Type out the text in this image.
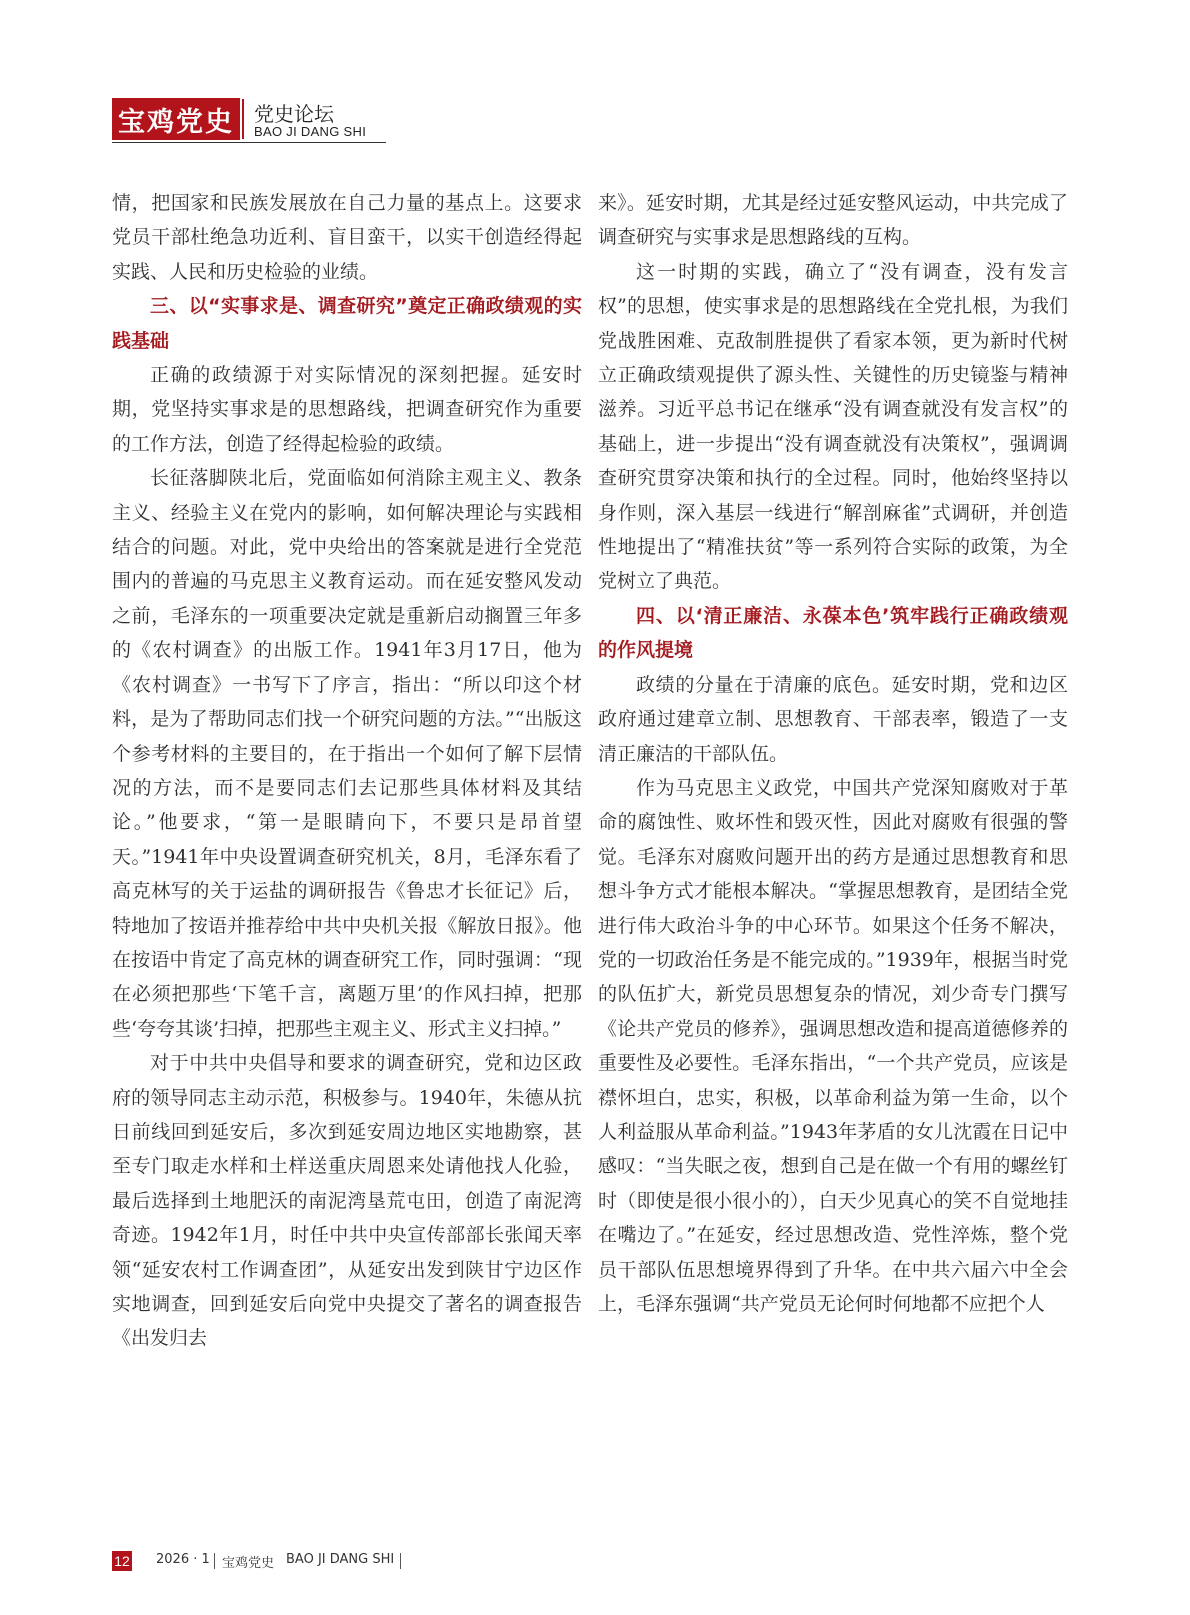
宝鸡党史	党史论坛
BAO JI DANG SHI

情，把国家和民族发展放在自己力量的基点上。这要求党员干部杜绝急功近利、盲目蛮干，以实干创造经得起实践、人民和历史检验的业绩。

三、以“实事求是、调查研究”奠定正确政绩观的实践基础

正确的政绩源于对实际情况的深刻把握。延安时期，党坚持实事求是的思想路线，把调查研究作为重要的工作方法，创造了经得起检验的政绩。

长征落脚陕北后，党面临如何消除主观主义、教条主义、经验主义在党内的影响，如何解决理论与实践相结合的问题。对此，党中央给出的答案就是进行全党范围内的普遍的马克思主义教育运动。而在延安整风发动之前，毛泽东的一项重要决定就是重新启动搁置三年多的《农村调查》的出版工作。1941年3月17日，他为《农村调查》一书写下了序言，指出：“所以印这个材料，是为了帮助同志们找一个研究问题的方法。”“出版这个参考材料的主要目的，在于指出一个如何了解下层情况的方法，而不是要同志们去记那些具体材料及其结论。”他要求，“第一是眼睛向下，不要只是昂首望天。”1941年中央设置调查研究机关，8月，毛泽东看了高克林写的关于运盐的调研报告《鲁忠才长征记》后，特地加了按语并推荐给中共中央机关报《解放日报》。他在按语中肯定了高克林的调查研究工作，同时强调：“现在必须把那些‘下笔千言，离题万里’的作风扫掉，把那些‘夸夸其谈’扫掉，把那些主观主义、形式主义扫掉。”

对于中共中央倡导和要求的调查研究，党和边区政府的领导同志主动示范，积极参与。1940年，朱德从抗日前线回到延安后，多次到延安周边地区实地勘察，甚至专门取走水样和土样送重庆周恩来处请他找人化验，最后选择到土地肥沃的南泥湾垦荒屯田，创造了南泥湾奇迹。1942年1月，时任中共中央宣传部部长张闻天率领“延安农村工作调查团”，从延安出发到陕甘宁边区作实地调查，回到延安后向党中央提交了著名的调查报告《出发归去

来》。延安时期，尤其是经过延安整风运动，中共完成了调查研究与实事求是思想路线的互构。

这一时期的实践，确立了“没有调查，没有发言权”的思想，使实事求是的思想路线在全党扎根，为我们党战胜困难、克敌制胜提供了看家本领，更为新时代树立正确政绩观提供了源头性、关键性的历史镜鉴与精神滋养。习近平总书记在继承“没有调查就没有发言权”的基础上，进一步提出“没有调查就没有决策权”，强调调查研究贯穿决策和执行的全过程。同时，他始终坚持以身作则，深入基层一线进行“解剖麻雀”式调研，并创造性地提出了“精准扶贫”等一系列符合实际的政策，为全党树立了典范。

四、以‘清正廉洁、永葆本色’筑牢践行正确政绩观的作风提境

政绩的分量在于清廉的底色。延安时期，党和边区政府通过建章立制、思想教育、干部表率，锻造了一支清正廉洁的干部队伍。

作为马克思主义政党，中国共产党深知腐败对于革命的腐蚀性、败坏性和毁灭性，因此对腐败有很强的警觉。毛泽东对腐败问题开出的药方是通过思想教育和思想斗争方式才能根本解决。“掌握思想教育，是团结全党进行伟大政治斗争的中心环节。如果这个任务不解决，党的一切政治任务是不能完成的。”1939年，根据当时党的队伍扩大，新党员思想复杂的情况，刘少奇专门撰写《论共产党员的修养》，强调思想改造和提高道德修养的重要性及必要性。毛泽东指出，“一个共产党员，应该是襟怀坦白，忠实，积极，以革命利益为第一生命，以个人利益服从革命利益。”1943年茅盾的女儿沈霞在日记中感叹：“当失眠之夜，想到自己是在做一个有用的螺丝钉时（即使是很小很小的），白天少见真心的笑不自觉地挂在嘴边了。”在延安，经过思想改造、党性淬炼，整个党员干部队伍思想境界得到了升华。在中共六届六中全会上，毛泽东强调“共产党员无论何时何地都不应把个人

12 2026 · 1 宝鸡党史 BAO JI DANG SHI
